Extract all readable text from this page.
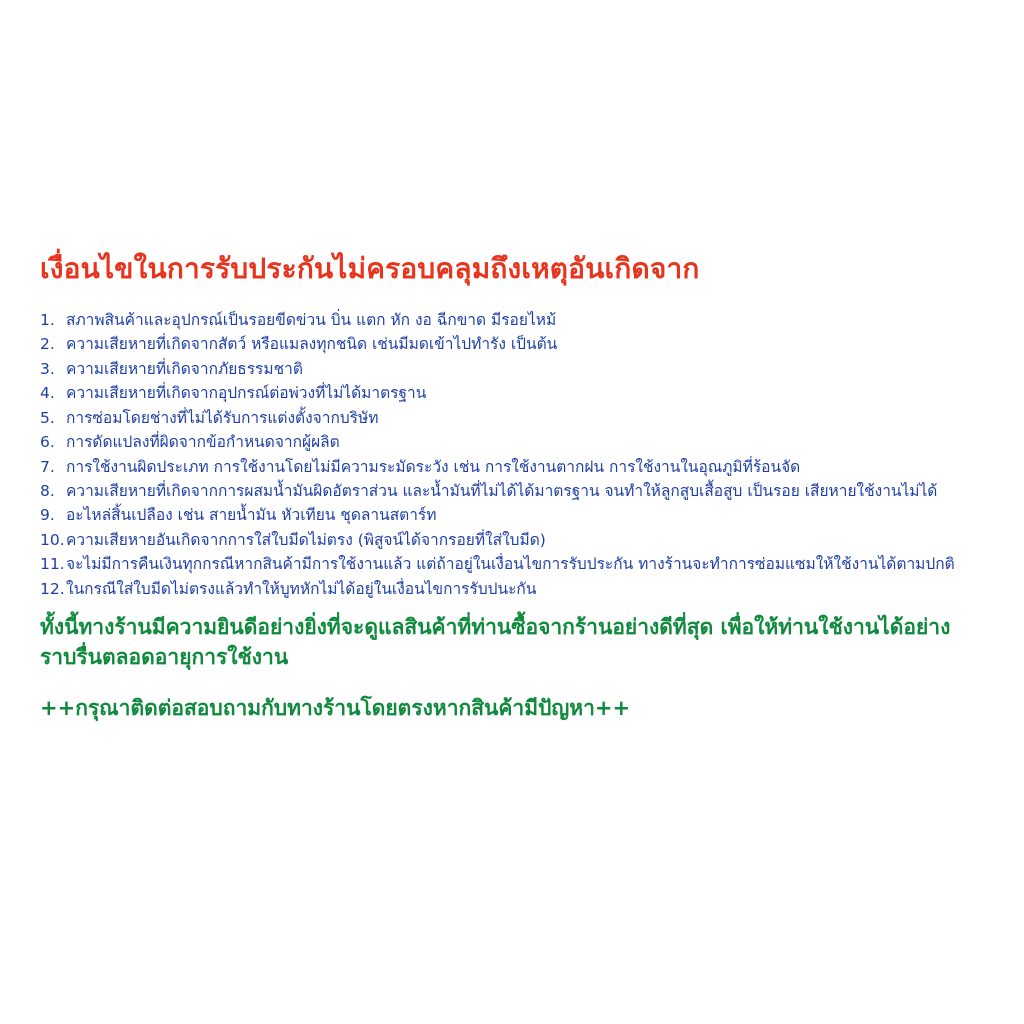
เงื่อนไขในการรับประกันไม่ครอบคลุมถึงเหตุอันเกิดจาก
1. สภาพสินค้าและอุปกรณ์เป็นรอยขีดข่วน บิ่น แตก หัก งอ ฉีกขาด มีรอยไหม้
2. ความเสียหายที่เกิดจากสัตว์ หรือแมลงทุกชนิด เช่นมีมดเข้าไปทำรัง เป็นต้น
3. ความเสียหายที่เกิดจากภัยธรรมชาติ
4. ความเสียหายที่เกิดจากอุปกรณ์ต่อพ่วงที่ไม่ได้มาตรฐาน
5. การซ่อมโดยช่างที่ไม่ได้รับการแต่งตั้งจากบริษัท
6. การดัดแปลงที่ผิดจากข้อกำหนดจากผู้ผลิต
7. การใช้งานผิดประเภท การใช้งานโดยไม่มีความระมัดระวัง เช่น การใช้งานตากฝน การใช้งานในอุณภูมิที่ร้อนจัด
8. ความเสียหายที่เกิดจากการผสมน้ำมันผิดอัตราส่วน และน้ำมันที่ไม่ได้ได้มาตรฐาน จนทำให้ลูกสูบเสื้อสูบ เป็นรอย เสียหายใช้งานไม่ได้
9. อะไหล่สิ้นเปลือง เช่น สายน้ำมัน หัวเทียน ชุดลานสตาร์ท
10. ความเสียหายอันเกิดจากการใส่ใบมีดไม่ตรง (พิสูจน์ได้จากรอยที่ใส่ใบมีด)
11. จะไม่มีการคืนเงินทุกกรณีหากสินค้ามีการใช้งานแล้ว แต่ถ้าอยู่ในเงื่อนไขการรับประกัน ทางร้านจะทำการซ่อมแซมให้ใช้งานได้ตามปกติ
12. ในกรณีใส่ใบมีดไม่ตรงแล้วทำให้บูทหักไม่ได้อยู่ในเงื่อนไขการรับปนะกัน

ทั้งนี้ทางร้านมีความยินดีอย่างยิ่งที่จะดูแลสินค้าที่ท่านซื้อจากร้านอย่างดีที่สุด เพื่อให้ท่านใช้งานได้อย่างราบรื่นตลอดอายุการใช้งาน

++กรุณาติดต่อสอบถามกับทางร้านโดยตรงหากสินค้ามีปัญหา++
